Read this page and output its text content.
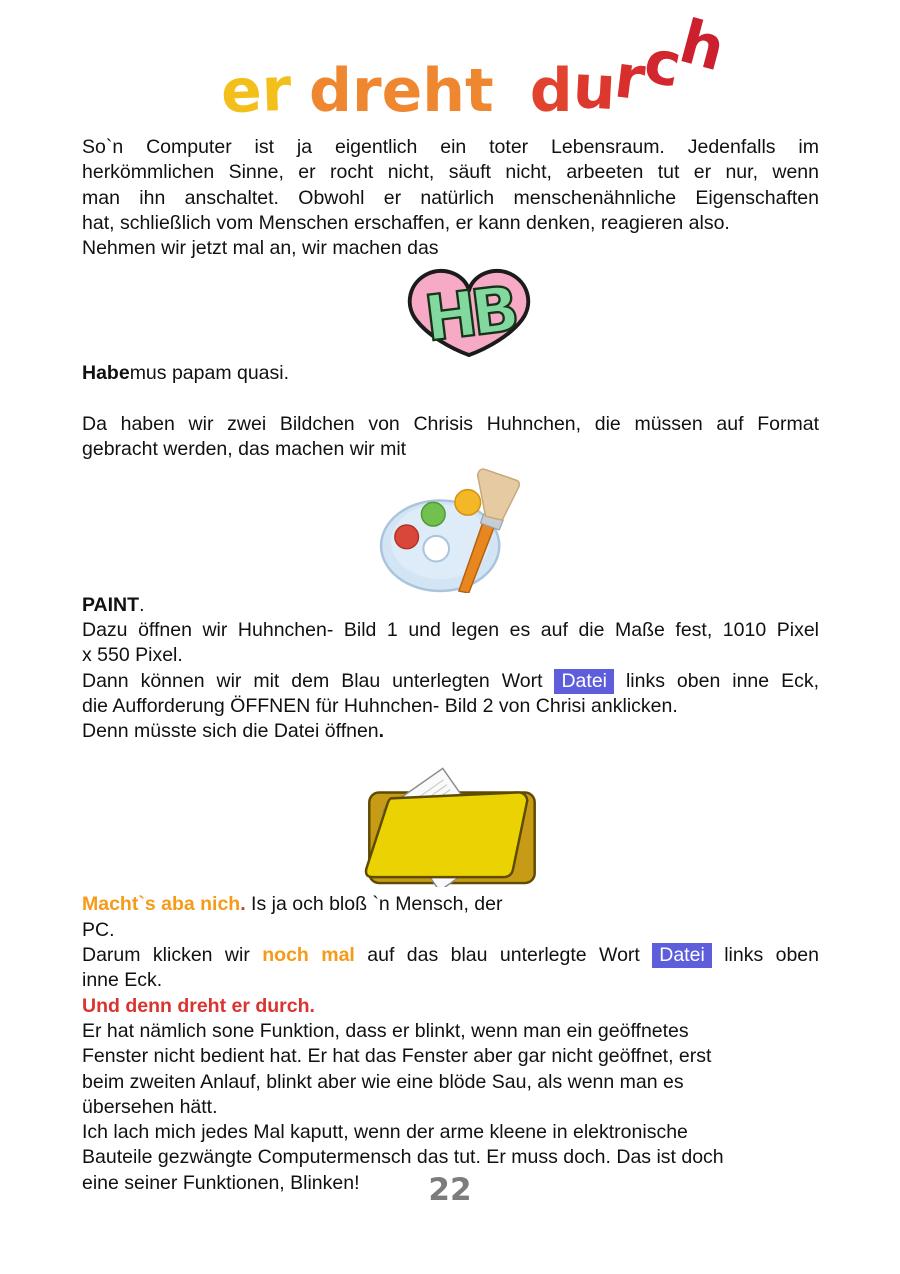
er dreht durch
So`n Computer ist ja eigentlich ein toter Lebensraum. Jedenfalls im
herkömmlichen Sinne, er rocht nicht, säuft nicht, arbeeten tut er nur, wenn
man ihn anschaltet. Obwohl er natürlich menschenähnliche Eigenschaften
hat, schließlich vom Menschen erschaffen, er kann denken, reagieren also.
Nehmen wir jetzt mal an, wir machen das
HB
Habemus papam quasi.
Da haben wir zwei Bildchen von Chrisis Huhnchen, die müssen auf Format
gebracht werden, das machen wir mit
PAINT.
Dazu öffnen wir Huhnchen- Bild 1 und legen es auf die Maße fest, 1010 Pixel
x 550 Pixel.
Dann können wir mit dem Blau unterlegten Wort Datei links oben inne Eck,
die Aufforderung ÖFFNEN für Huhnchen- Bild 2 von Chrisi anklicken.
Denn müsste sich die Datei öffnen.
Macht`s aba nich. Is ja och bloß `n Mensch, der
PC.
Darum klicken wir noch mal auf das blau unterlegte Wort Datei links oben
inne Eck.
Und denn dreht er durch.
Er hat nämlich sone Funktion, dass er blinkt, wenn man ein geöffnetes
Fenster nicht bedient hat. Er hat das Fenster aber gar nicht geöffnet, erst
beim zweiten Anlauf, blinkt aber wie eine blöde Sau, als wenn man es
übersehen hätt.
Ich lach mich jedes Mal kaputt, wenn der arme kleene in elektronische
Bauteile gezwängte Computermensch das tut. Er muss doch. Das ist doch
eine seiner Funktionen, Blinken!	22
